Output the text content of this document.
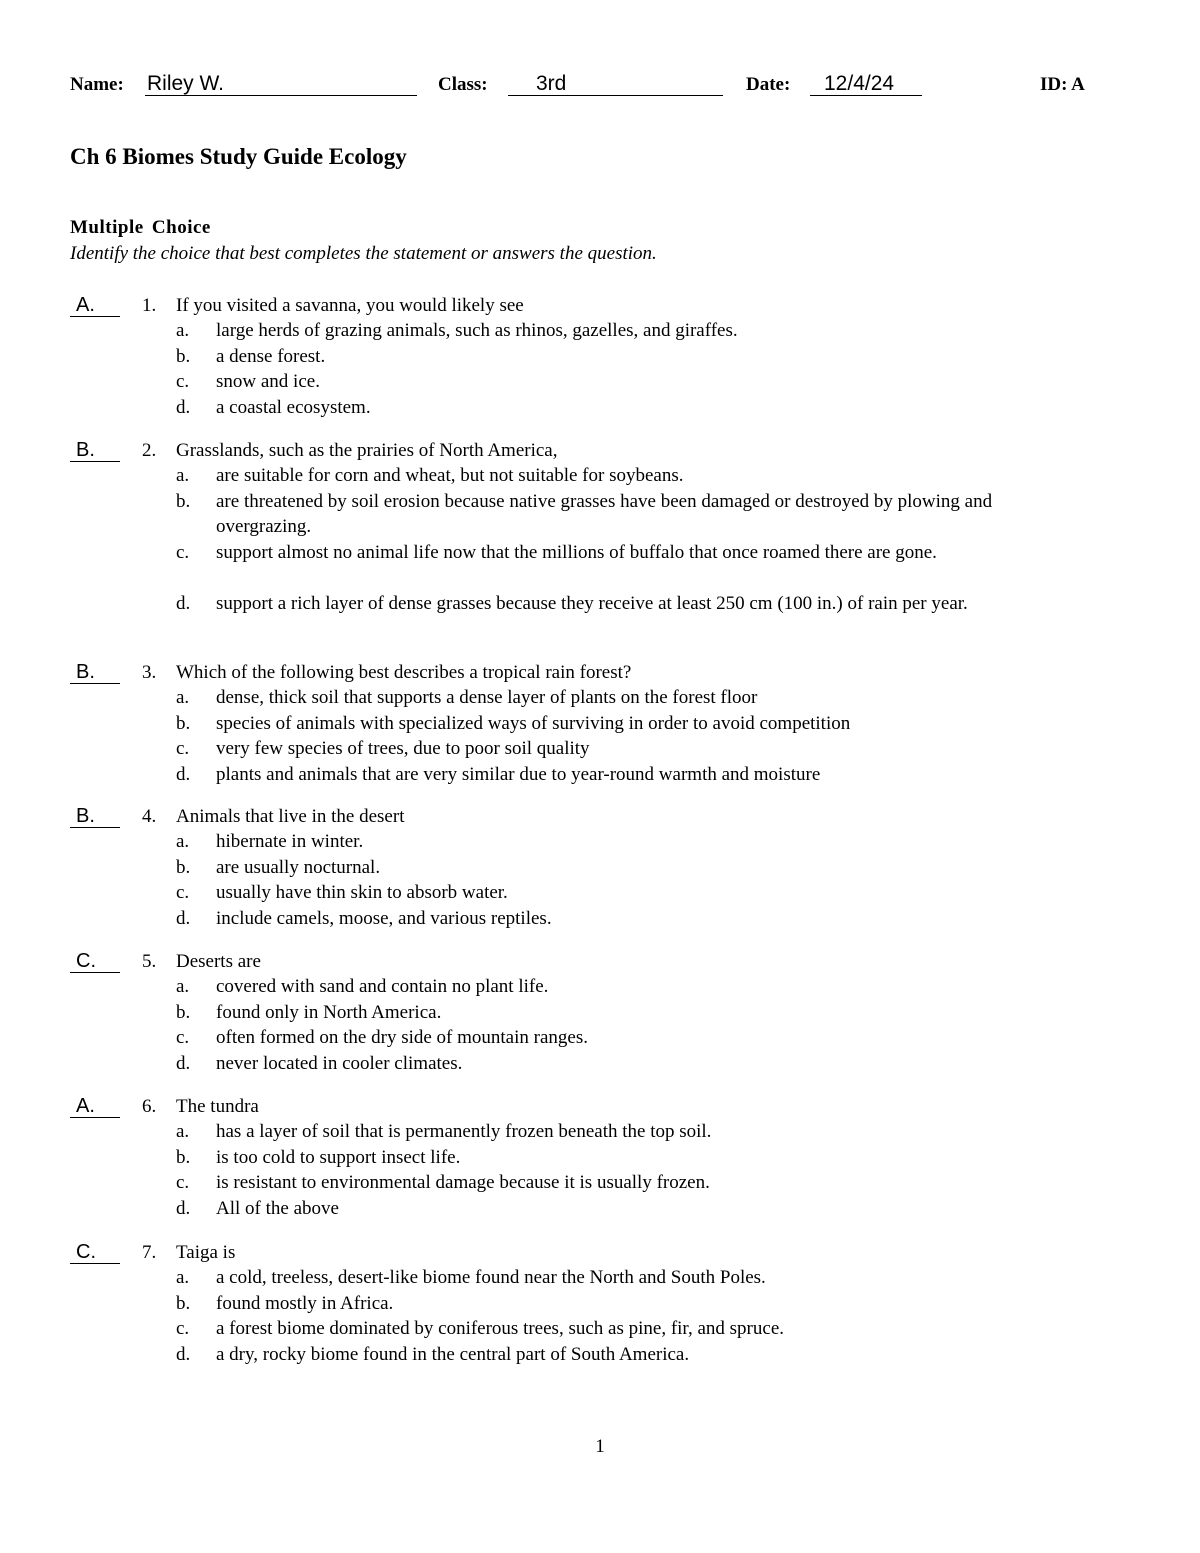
Name: Riley W.	Class:	3rd	Date:	12/4/24	ID: A
Ch 6 Biomes Study Guide Ecology
Multiple Choice
Identify the choice that best completes the statement or answers the question.
A.	1. If you visited a savanna, you would likely see
a. large herds of grazing animals, such as rhinos, gazelles, and giraffes.
b. a dense forest.
c. snow and ice.
d. a coastal ecosystem.
B.	2. Grasslands, such as the prairies of North America,
a. are suitable for corn and wheat, but not suitable for soybeans.
b. are threatened by soil erosion because native grasses have been damaged or destroyed by plowing and overgrazing.
c. support almost no animal life now that the millions of buffalo that once roamed there are gone.
d. support a rich layer of dense grasses because they receive at least 250 cm (100 in.) of rain per year.
B.	3. Which of the following best describes a tropical rain forest?
a. dense, thick soil that supports a dense layer of plants on the forest floor
b. species of animals with specialized ways of surviving in order to avoid competition
c. very few species of trees, due to poor soil quality
d. plants and animals that are very similar due to year-round warmth and moisture
B.	4. Animals that live in the desert
a. hibernate in winter.
b. are usually nocturnal.
c. usually have thin skin to absorb water.
d. include camels, moose, and various reptiles.
C.	5. Deserts are
a. covered with sand and contain no plant life.
b. found only in North America.
c. often formed on the dry side of mountain ranges.
d. never located in cooler climates.
A.	6. The tundra
a. has a layer of soil that is permanently frozen beneath the top soil.
b. is too cold to support insect life.
c. is resistant to environmental damage because it is usually frozen.
d. All of the above
C.	7. Taiga is
a. a cold, treeless, desert-like biome found near the North and South Poles.
b. found mostly in Africa.
c. a forest biome dominated by coniferous trees, such as pine, fir, and spruce.
d. a dry, rocky biome found in the central part of South America.
1
